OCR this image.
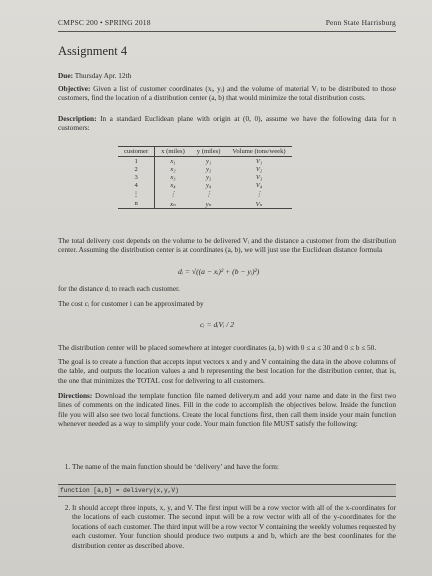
CMPSC 200 • SPRING 2018	Penn State Harrisburg
Assignment 4
Due: Thursday Apr. 12th
Objective: Given a list of customer coordinates (xᵢ, yᵢ) and the volume of material Vᵢ to be distributed to those customers, find the location of a distribution center (a, b) that would minimize the total distribution costs.
Description: In a standard Euclidean plane with origin at (0, 0), assume we have the following data for n customers:
customer	x (miles)	y (miles)	Volume (tons/week)
1	x₁	y₁	V₁
2	x₂	y₂	V₂
3	x₃	y₃	V₃
4	x₄	y₄	V₄
⋮	⋮	⋮	⋮
n	xₙ	yₙ	Vₙ
The total delivery cost depends on the volume to be delivered Vᵢ and the distance a customer from the distribution center. Assuming the distribution center is at coordinates (a, b), we will just use the Euclidean distance formula
dᵢ = √((a − xᵢ)² + (b − yᵢ)²)
for the distance dᵢ to reach each customer.
The cost cᵢ for customer i can be approximated by
cᵢ = dᵢVᵢ / 2
The distribution center will be placed somewhere at integer coordinates (a, b) with 0 ≤ a ≤ 30 and 0 ≤ b ≤ 50.
The goal is to create a function that accepts input vectors x and y and V containing the data in the above columns of the table, and outputs the location values a and b representing the best location for the distribution center, that is, the one that minimizes the TOTAL cost for delivering to all customers.
Directions: Download the template function file named delivery.m and add your name and date in the first two lines of comments on the indicated lines. Fill in the code to accomplish the objectives below. Inside the function file you will also see two local functions. Create the local functions first, then call them inside your main function whenever needed as a way to simplify your code. Your main function file MUST satisfy the following:
1. The name of the main function should be ‘delivery’ and have the form:
function [a,b] = delivery(x,y,V)
2. It should accept three inputs, x, y, and V. The first input will be a row vector with all of the x-coordinates for the locations of each customer. The second input will be a row vector with all of the y-coordinates for the locations of each customer. The third input will be a row vector V containing the weekly volumes requested by each customer. Your function should produce two outputs a and b, which are the best coordinates for the distribution center as described above.
